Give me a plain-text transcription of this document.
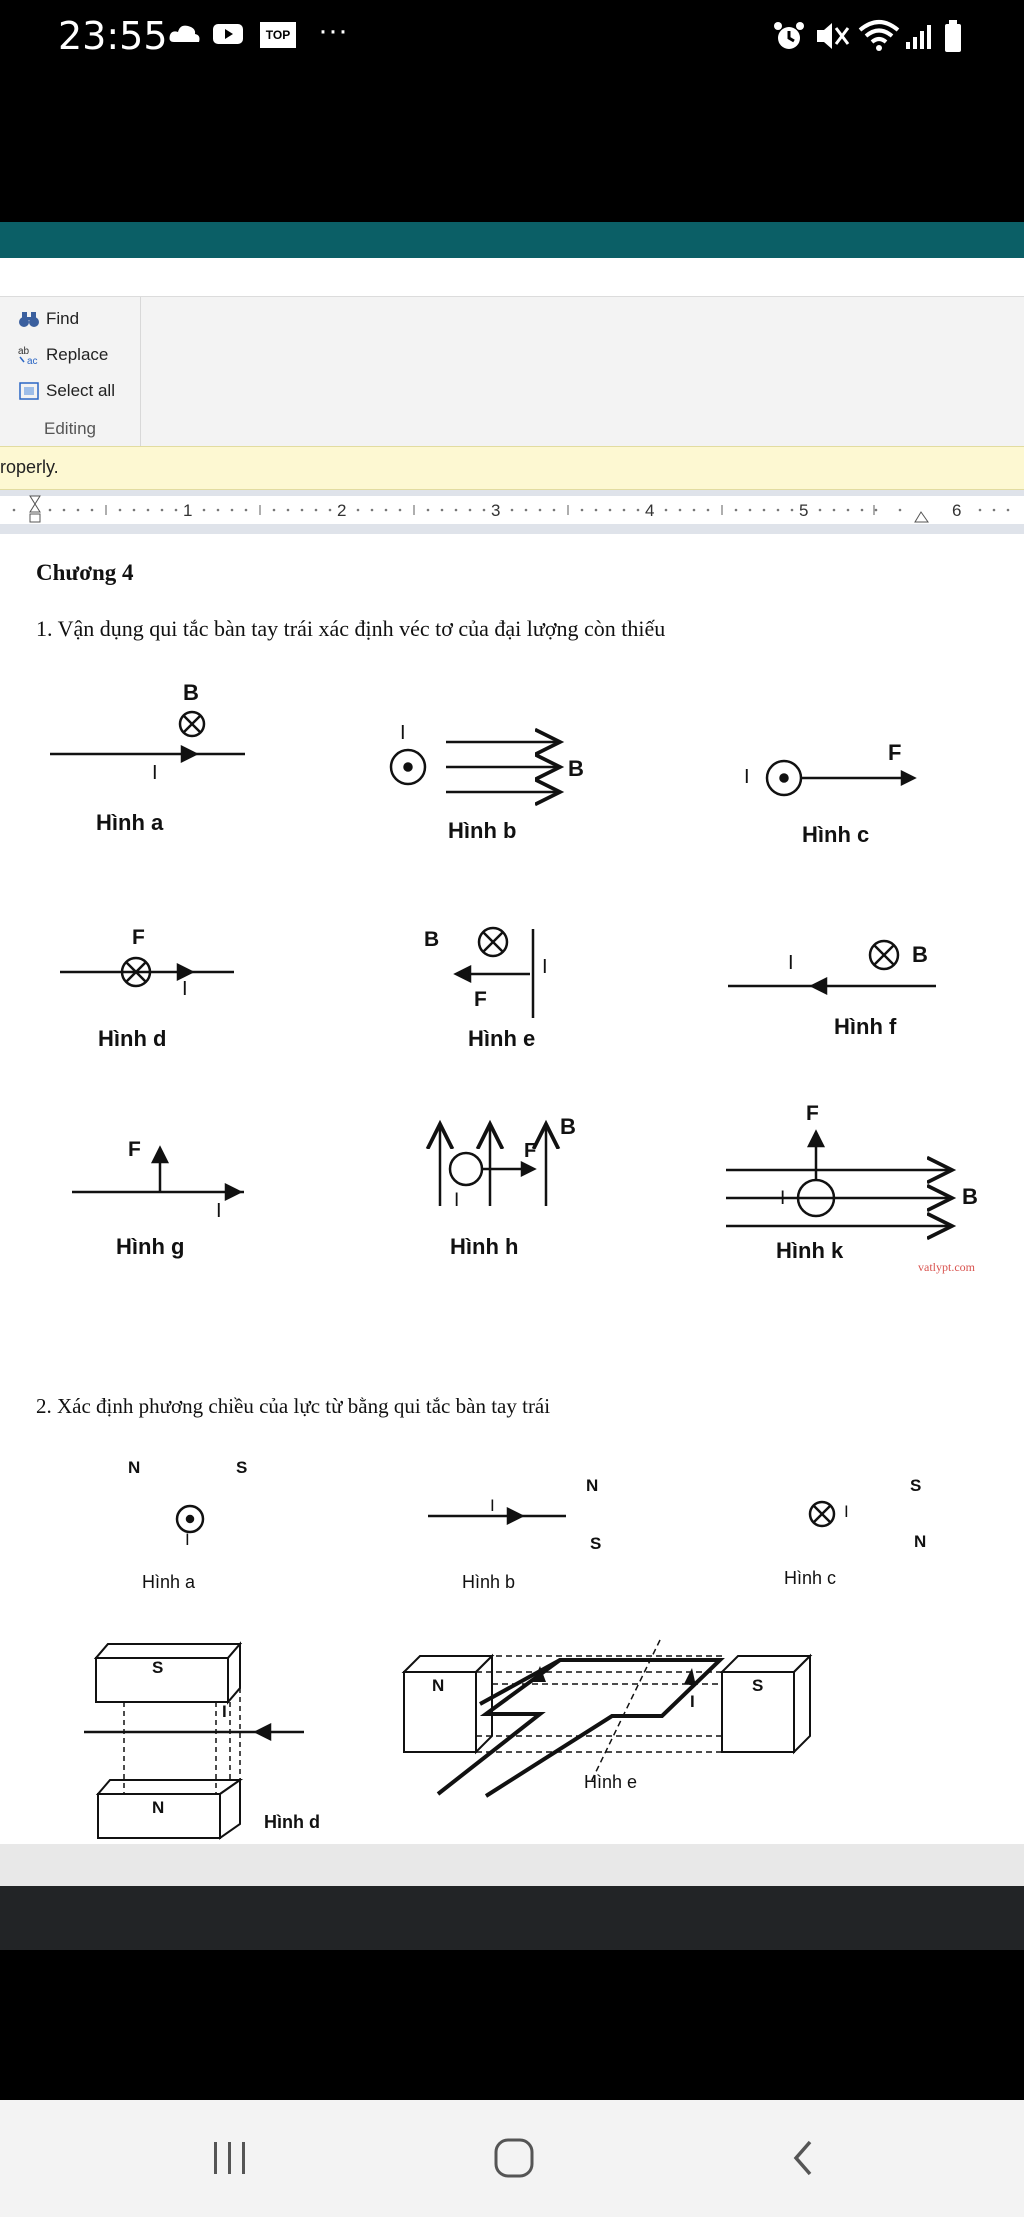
23:55	TOP ···
Find
ab
ac Replace
Select all
Editing
roperly.
1	2	3	4	5	6
Chương 4
1. Vận dụng qui tắc bàn tay trái xác định véc tơ của đại lượng còn thiếu
B
I
Hình a
I
B
Hình b
I
F
Hình c
F
I
Hình d
B
F
I
Hình e
I	B
Hình f
F
I
Hình g
B
F
I
Hình h
F
I	B
Hình k
vatlypt.com
2. Xác định phương chiều của lực từ bằng qui tắc bàn tay trái
N	S
I
Hình a
I
N
S
Hình b
I
S
N
Hình c
S
I
N
Hình d
N
I
S
Hình e
